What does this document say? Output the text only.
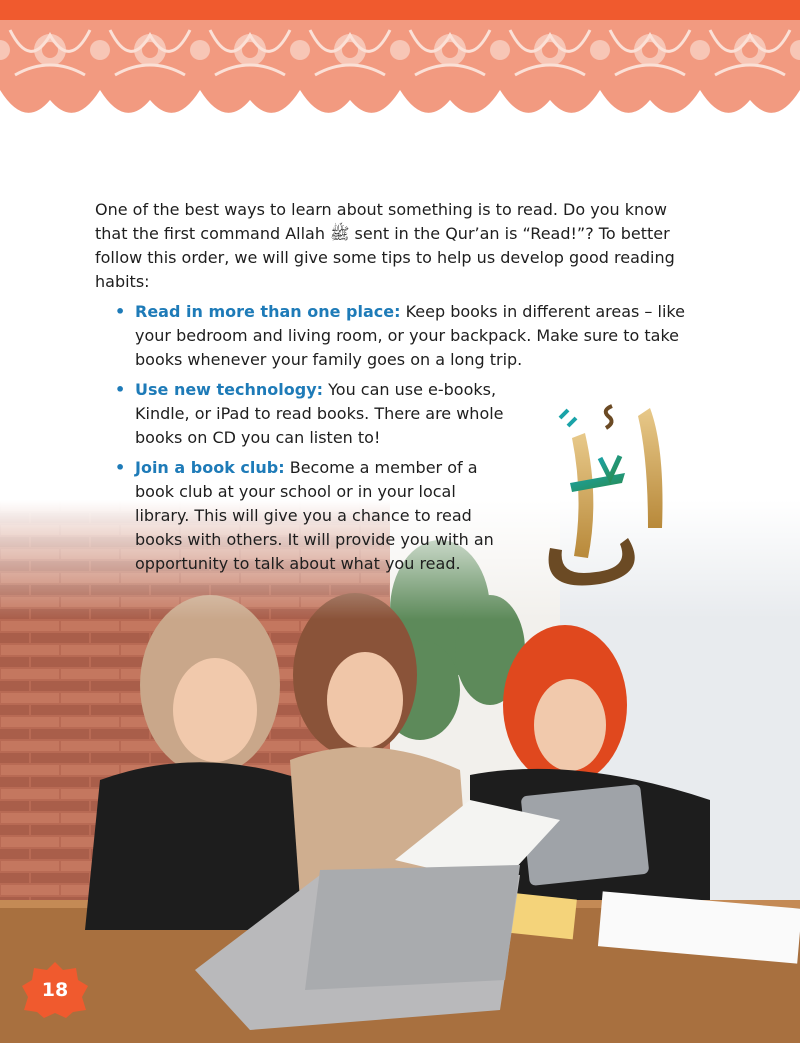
One of the best ways to learn about something is to read. Do you know that the first command Allah ﷺ sent in the Qur’an is “Read!”? To better follow this order, we will give some tips to help us develop good reading habits:

• Read in more than one place: Keep books in different areas – like your bedroom and living room, or your backpack. Make sure to take books whenever your family goes on a long trip.
• Use new technology: You can use e-books, Kindle, or iPad to read books. There are whole books on CD you can listen to!
• Join a book club: Become a member of a book club at your school or in your local library. This will give you a chance to read books with others. It will provide you with an opportunity to talk about what you read.
18
